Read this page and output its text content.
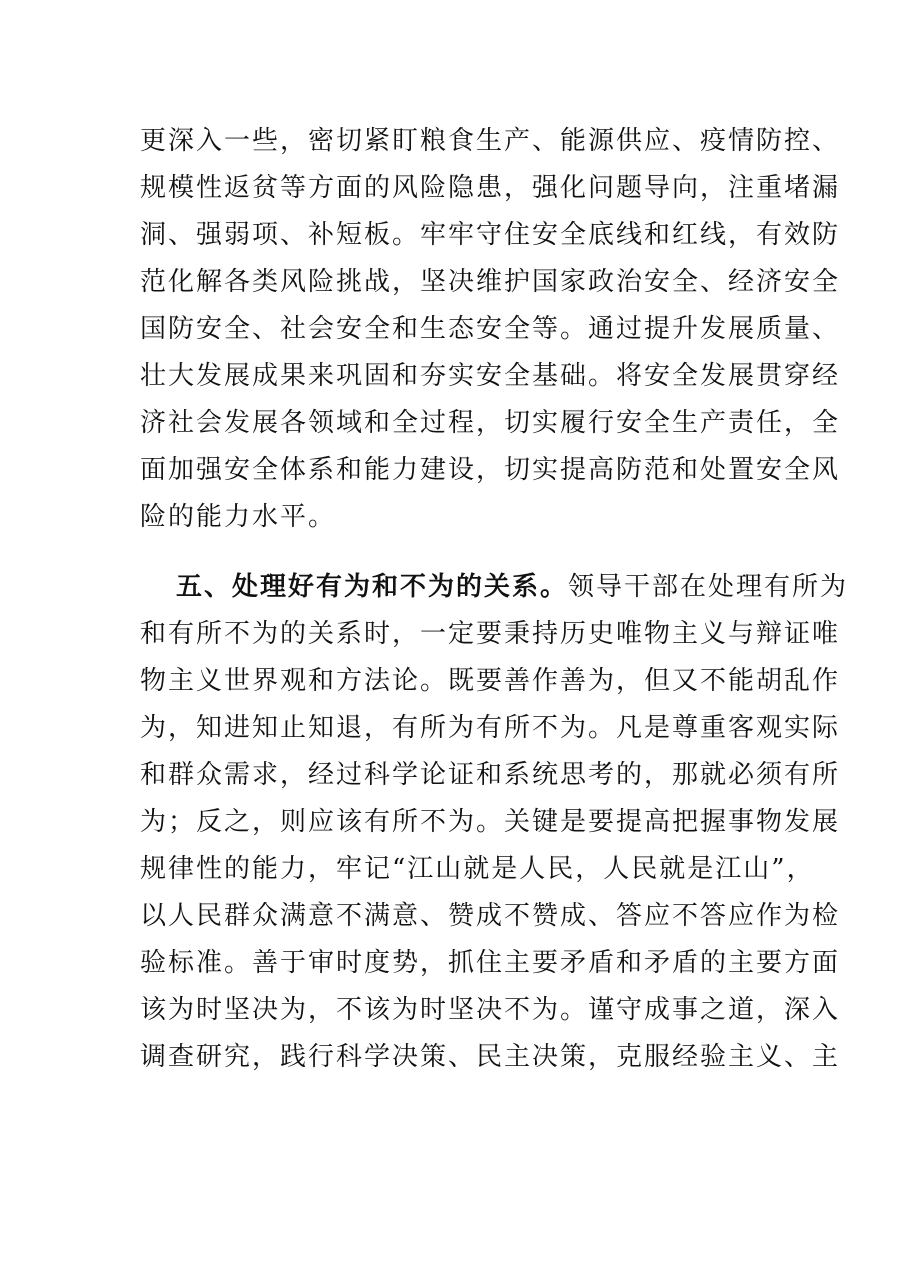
更深入一些，密切紧盯粮食生产、能源供应、疫情防控、
规模性返贫等方面的风险隐患，强化问题导向，注重堵漏
洞、强弱项、补短板。牢牢守住安全底线和红线，有效防
范化解各类风险挑战，坚决维护国家政治安全、经济安全
国防安全、社会安全和生态安全等。通过提升发展质量、
壮大发展成果来巩固和夯实安全基础。将安全发展贯穿经
济社会发展各领域和全过程，切实履行安全生产责任，全
面加强安全体系和能力建设，切实提高防范和处置安全风
险的能力水平。
五、处理好有为和不为的关系。领导干部在处理有所为
和有所不为的关系时，一定要秉持历史唯物主义与辩证唯
物主义世界观和方法论。既要善作善为，但又不能胡乱作
为，知进知止知退，有所为有所不为。凡是尊重客观实际
和群众需求，经过科学论证和系统思考的，那就必须有所
为；反之，则应该有所不为。关键是要提高把握事物发展
规律性的能力，牢记“江山就是人民，人民就是江山”，
以人民群众满意不满意、赞成不赞成、答应不答应作为检
验标准。善于审时度势，抓住主要矛盾和矛盾的主要方面
该为时坚决为，不该为时坚决不为。谨守成事之道，深入
调查研究，践行科学决策、民主决策，克服经验主义、主
